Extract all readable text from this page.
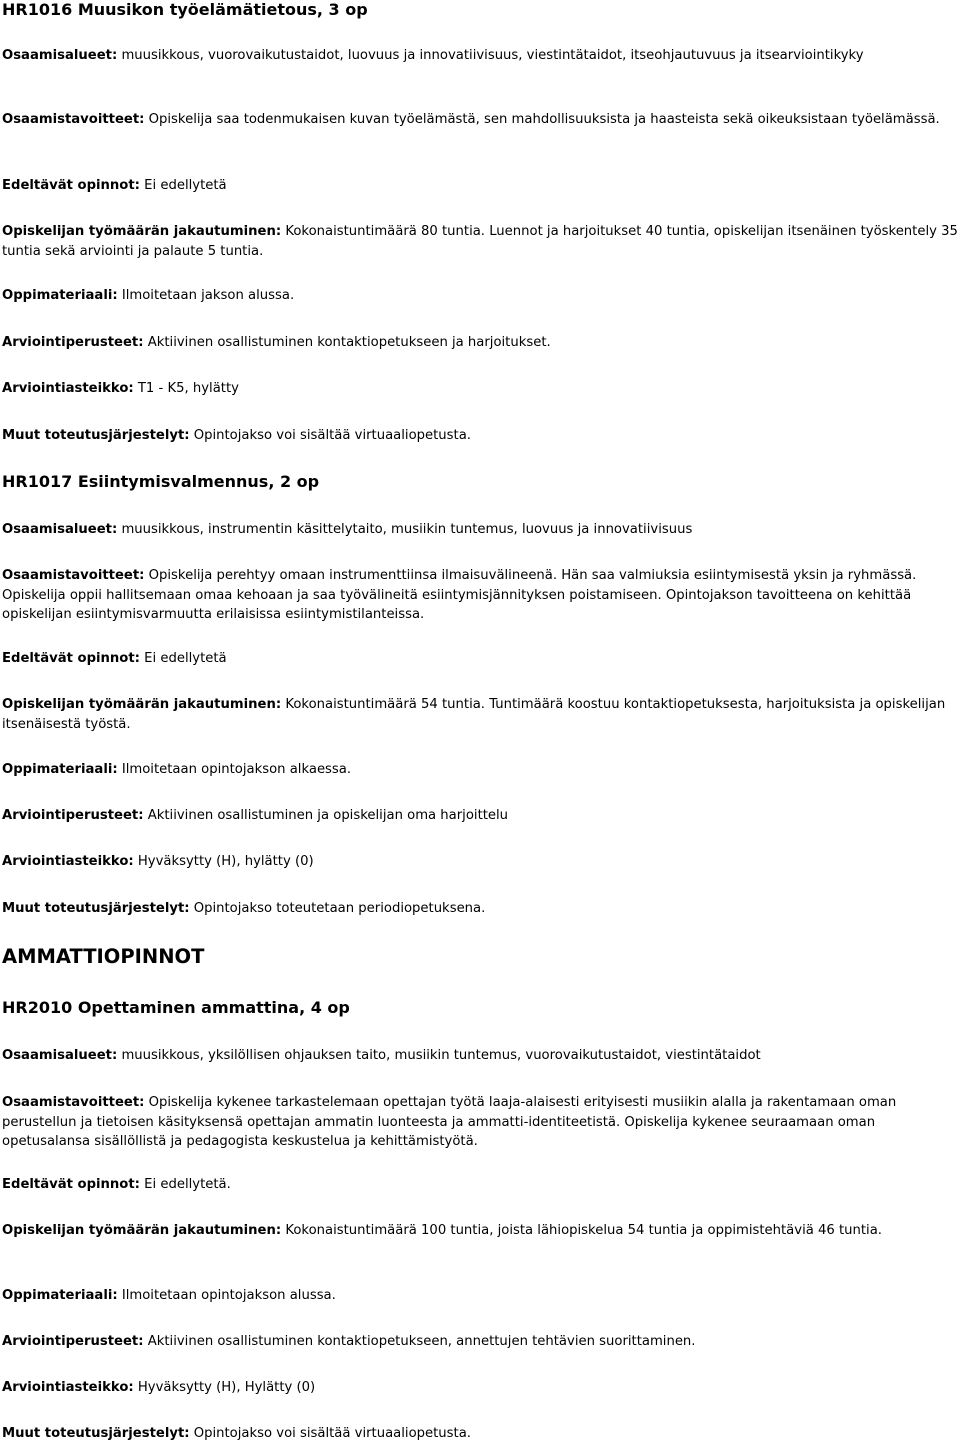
HR1016 Muusikon työelämätietous, 3 op

Osaamisalueet: muusikkous, vuorovaikutustaidot, luovuus ja innovatiivisuus, viestintätaidot, itseohjautuvuus ja itsearviointikyky

Osaamistavoitteet: Opiskelija saa todenmukaisen kuvan työelämästä, sen mahdollisuuksista ja haasteista sekä oikeuksistaan työelämässä.

Edeltävät opinnot: Ei edellytetä

Opiskelijan työmäärän jakautuminen: Kokonaistuntimäärä 80 tuntia. Luennot ja harjoitukset 40 tuntia, opiskelijan itsenäinen työskentely 35 tuntia sekä arviointi ja palaute 5 tuntia.

Oppimateriaali: Ilmoitetaan jakson alussa.

Arviointiperusteet: Aktiivinen osallistuminen kontaktiopetukseen ja harjoitukset.

Arviointiasteikko: T1 - K5, hylätty

Muut toteutusjärjestelyt: Opintojakso voi sisältää virtuaaliopetusta.

HR1017 Esiintymisvalmennus, 2 op

Osaamisalueet: muusikkous, instrumentin käsittelytaito, musiikin tuntemus, luovuus ja innovatiivisuus

Osaamistavoitteet: Opiskelija perehtyy omaan instrumenttiinsa ilmaisuvälineenä. Hän saa valmiuksia esiintymisestä yksin ja ryhmässä. Opiskelija oppii hallitsemaan omaa kehoaan ja saa työvälineitä esiintymisjännityksen poistamiseen. Opintojakson tavoitteena on kehittää opiskelijan esiintymisvarmuutta erilaisissa esiintymistilanteissa.

Edeltävät opinnot: Ei edellytetä

Opiskelijan työmäärän jakautuminen: Kokonaistuntimäärä 54 tuntia. Tuntimäärä koostuu kontaktiopetuksesta, harjoituksista ja opiskelijan itsenäisestä työstä.

Oppimateriaali: Ilmoitetaan opintojakson alkaessa.

Arviointiperusteet: Aktiivinen osallistuminen ja opiskelijan oma harjoittelu

Arviointiasteikko: Hyväksytty (H), hylätty (0)

Muut toteutusjärjestelyt: Opintojakso toteutetaan periodiopetuksena.

AMMATTIOPINNOT
HR2010 Opettaminen ammattina, 4 op

Osaamisalueet: muusikkous, yksilöllisen ohjauksen taito, musiikin tuntemus, vuorovaikutustaidot, viestintätaidot

Osaamistavoitteet: Opiskelija kykenee tarkastelemaan opettajan työtä laaja-alaisesti erityisesti musiikin alalla ja rakentamaan oman perustellun ja tietoisen käsityksensä opettajan ammatin luonteesta ja ammatti-identiteetistä. Opiskelija kykenee seuraamaan oman opetusalansa sisällöllistä ja pedagogista keskustelua ja kehittämistyötä.

Edeltävät opinnot: Ei edellytetä.

Opiskelijan työmäärän jakautuminen: Kokonaistuntimäärä 100 tuntia, joista lähiopiskelua 54 tuntia ja oppimistehtäviä 46 tuntia.

Oppimateriaali: Ilmoitetaan opintojakson alussa.

Arviointiperusteet: Aktiivinen osallistuminen kontaktiopetukseen, annettujen tehtävien suorittaminen.

Arviointiasteikko: Hyväksytty (H), Hylätty (0)

Muut toteutusjärjestelyt: Opintojakso voi sisältää virtuaaliopetusta.
